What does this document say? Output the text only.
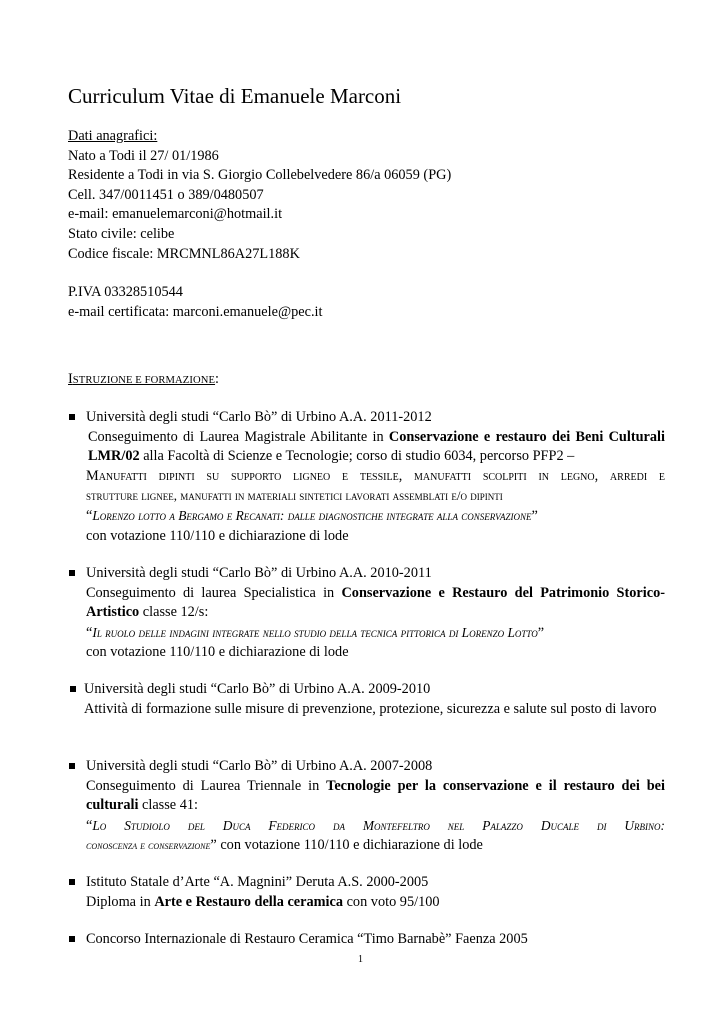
Curriculum Vitae di Emanuele Marconi
Dati anagrafici:
Nato a Todi il 27/ 01/1986
Residente a Todi in via S. Giorgio Collebelvedere 86/a 06059 (PG)
Cell. 347/0011451 o 389/0480507
e-mail: emanuelemarconi@hotmail.it
Stato civile: celibe
Codice fiscale: MRCMNL86A27L188K
P.IVA 03328510544
e-mail certificata: marconi.emanuele@pec.it
ISTRUZIONE E FORMAZIONE:
Università degli studi “Carlo Bò” di Urbino A.A. 2011-2012
Conseguimento di Laurea Magistrale Abilitante in Conservazione e restauro dei Beni Culturali LMR/02 alla Facoltà di Scienze e Tecnologie; corso di studio 6034, percorso PFP2 –
Manufatti dipinti su supporto ligneo e tessile, manufatti scolpiti in legno, arredi e
strutture lignee, manufatti in materiali sintetici lavorati assemblati e/o dipinti
“Lorenzo lotto a Bergamo e Recanati: dalle diagnostiche integrate alla conservazione”
con votazione 110/110 e dichiarazione di lode
Università degli studi “Carlo Bò” di Urbino A.A. 2010-2011
Conseguimento di laurea Specialistica in Conservazione e Restauro del Patrimonio Storico-Artistico classe 12/s:
“Il ruolo delle indagini integrate nello studio della tecnica pittorica di Lorenzo Lotto”
con votazione 110/110 e dichiarazione di lode
Università degli studi “Carlo Bò” di Urbino A.A. 2009-2010
Attività di formazione sulle misure di prevenzione, protezione, sicurezza e salute sul posto di lavoro
Università degli studi “Carlo Bò” di Urbino A.A. 2007-2008
Conseguimento di Laurea Triennale in Tecnologie per la conservazione e il restauro dei bei culturali classe 41:
“Lo Studiolo del Duca Federico da Montefeltro nel Palazzo Ducale di Urbino:
conoscenza e conservazione” con votazione 110/110 e dichiarazione di lode
Istituto Statale d’Arte “A. Magnini” Deruta A.S. 2000-2005
Diploma in Arte e Restauro della ceramica con voto 95/100
Concorso Internazionale di Restauro Ceramica “Timo Barnabè” Faenza 2005
1
